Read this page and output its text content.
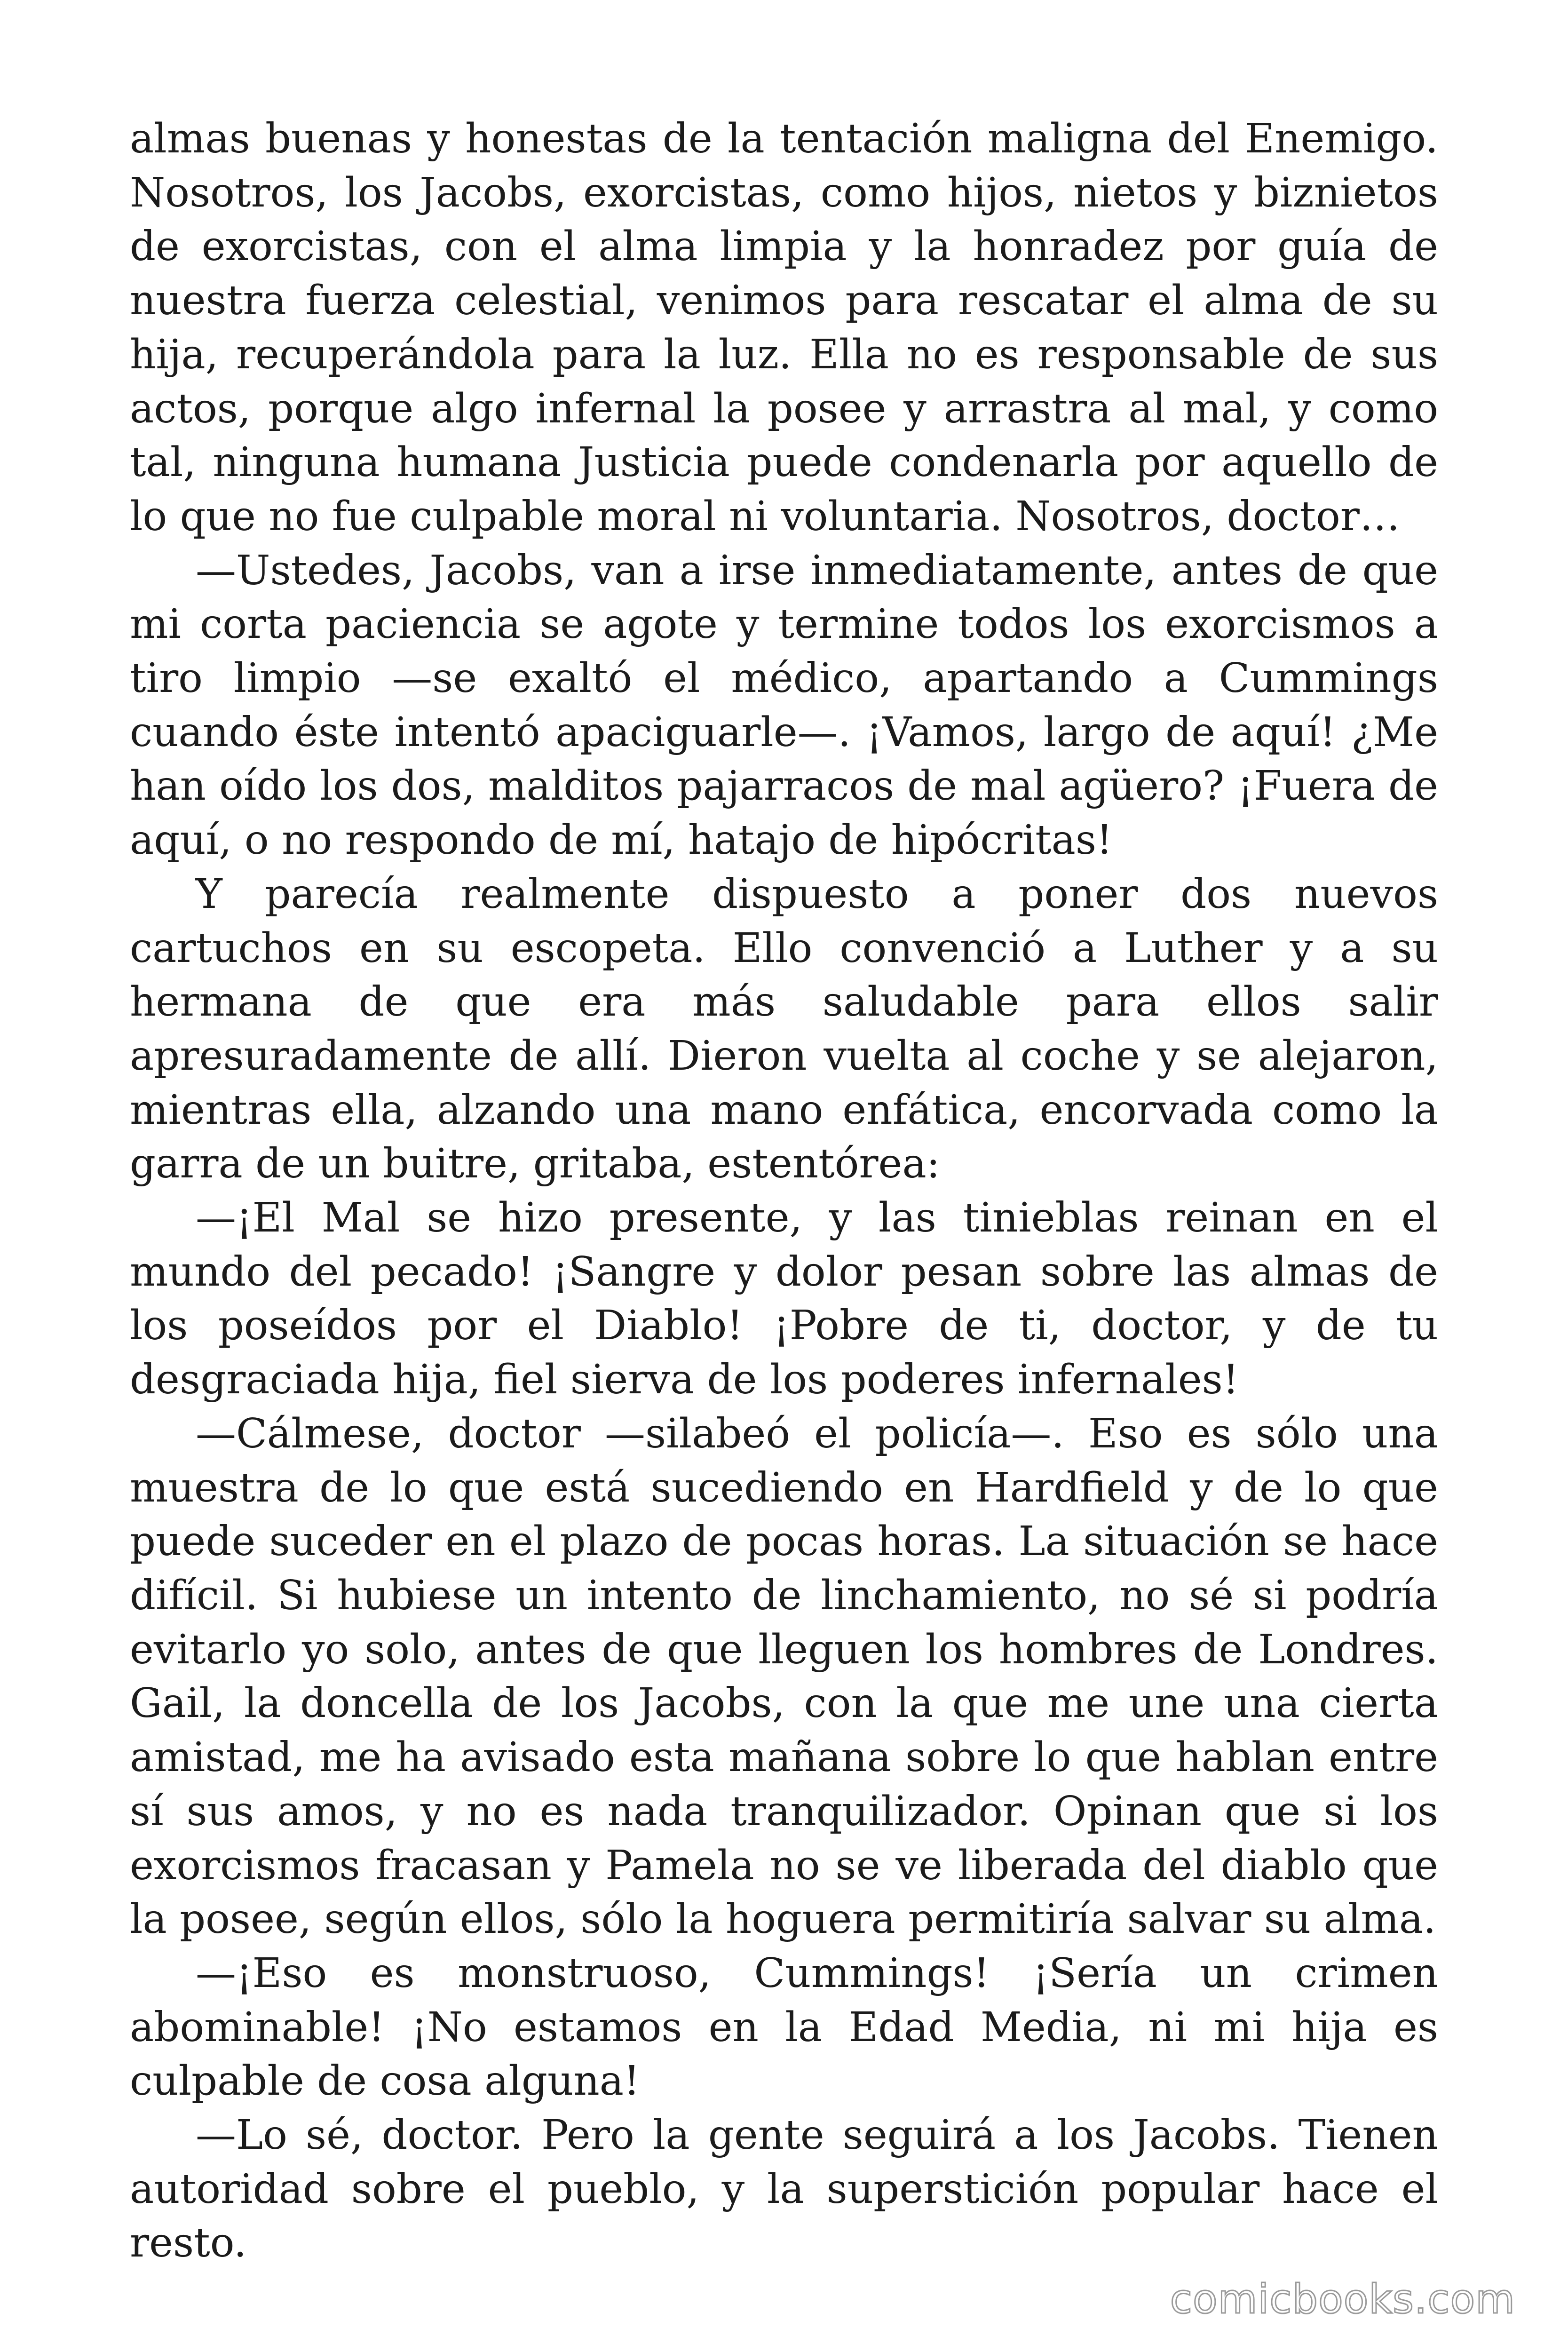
almas buenas y honestas de la tentación maligna del Enemigo. Nosotros, los Jacobs, exorcistas, como hijos, nietos y biznietos de exorcistas, con el alma limpia y la honradez por guía de nuestra fuerza celestial, venimos para rescatar el alma de su hija, recuperándola para la luz. Ella no es responsable de sus actos, porque algo infernal la posee y arrastra al mal, y como tal, ninguna humana Justicia puede condenarla por aquello de lo que no fue culpable moral ni voluntaria. Nosotros, doctor…

—Ustedes, Jacobs, van a irse inmediatamente, antes de que mi corta paciencia se agote y termine todos los exorcismos a tiro limpio —se exaltó el médico, apartando a Cummings cuando éste intentó apaciguarle—. ¡Vamos, largo de aquí! ¿Me han oído los dos, malditos pajarracos de mal agüero? ¡Fuera de aquí, o no respondo de mí, hatajo de hipócritas!

Y parecía realmente dispuesto a poner dos nuevos cartuchos en su escopeta. Ello convenció a Luther y a su hermana de que era más saludable para ellos salir apresuradamente de allí. Dieron vuelta al coche y se alejaron, mientras ella, alzando una mano enfática, encorvada como la garra de un buitre, gritaba, estentórea:

—¡El Mal se hizo presente, y las tinieblas reinan en el mundo del pecado! ¡Sangre y dolor pesan sobre las almas de los poseídos por el Diablo! ¡Pobre de ti, doctor, y de tu desgraciada hija, fiel sierva de los poderes infernales!

—Cálmese, doctor —silabeó el policía—. Eso es sólo una muestra de lo que está sucediendo en Hardfield y de lo que puede suceder en el plazo de pocas horas. La situación se hace difícil. Si hubiese un intento de linchamiento, no sé si podría evitarlo yo solo, antes de que lleguen los hombres de Londres. Gail, la doncella de los Jacobs, con la que me une una cierta amistad, me ha avisado esta mañana sobre lo que hablan entre sí sus amos, y no es nada tranquilizador. Opinan que si los exorcismos fracasan y Pamela no se ve liberada del diablo que la posee, según ellos, sólo la hoguera permitiría salvar su alma.

—¡Eso es monstruoso, Cummings! ¡Sería un crimen abominable! ¡No estamos en la Edad Media, ni mi hija es culpable de cosa alguna!

—Lo sé, doctor. Pero la gente seguirá a los Jacobs. Tienen autoridad sobre el pueblo, y la superstición popular hace el resto.

comicbooks.com
